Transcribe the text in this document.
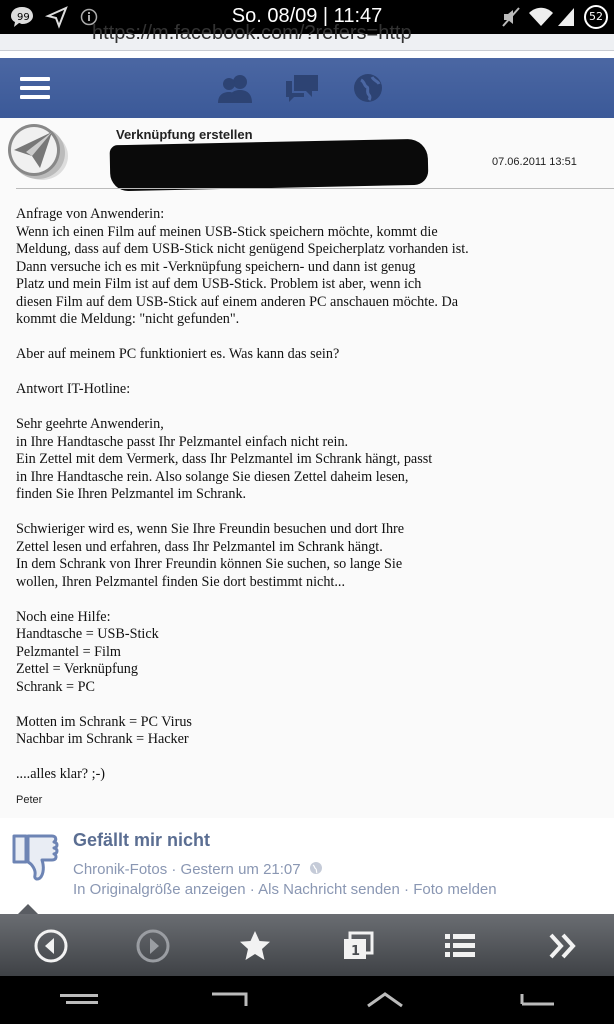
99	So. 08/09 | 11:47	52
https://m.facebook.com/?refers=http
Verknüpfung erstellen
07.06.2011 13:51
Anfrage von Anwenderin:
Wenn ich einen Film auf meinen USB-Stick speichern möchte, kommt die
Meldung, dass auf dem USB-Stick nicht genügend Speicherplatz vorhanden ist.
Dann versuche ich es mit -Verknüpfung speichern- und dann ist genug
Platz und mein Film ist auf dem USB-Stick. Problem ist aber, wenn ich
diesen Film auf dem USB-Stick auf einem anderen PC anschauen möchte. Da
kommt die Meldung: "nicht gefunden".
Aber auf meinem PC funktioniert es. Was kann das sein?
Antwort IT-Hotline:
Sehr geehrte Anwenderin,
in Ihre Handtasche passt Ihr Pelzmantel einfach nicht rein.
Ein Zettel mit dem Vermerk, dass Ihr Pelzmantel im Schrank hängt, passt
in Ihre Handtasche rein. Also solange Sie diesen Zettel daheim lesen,
finden Sie Ihren Pelzmantel im Schrank.
Schwieriger wird es, wenn Sie Ihre Freundin besuchen und dort Ihre
Zettel lesen und erfahren, dass Ihr Pelzmantel im Schrank hängt.
In dem Schrank von Ihrer Freundin können Sie suchen, so lange Sie
wollen, Ihren Pelzmantel finden Sie dort bestimmt nicht...
Noch eine Hilfe:
Handtasche = USB-Stick
Pelzmantel = Film
Zettel = Verknüpfung
Schrank = PC
Motten im Schrank = PC Virus
Nachbar im Schrank = Hacker
....alles klar? ;-)
Peter
Gefällt mir nicht
Chronik-Fotos · Gestern um 21:07
In Originalgröße anzeigen · Als Nachricht senden · Foto melden
1
